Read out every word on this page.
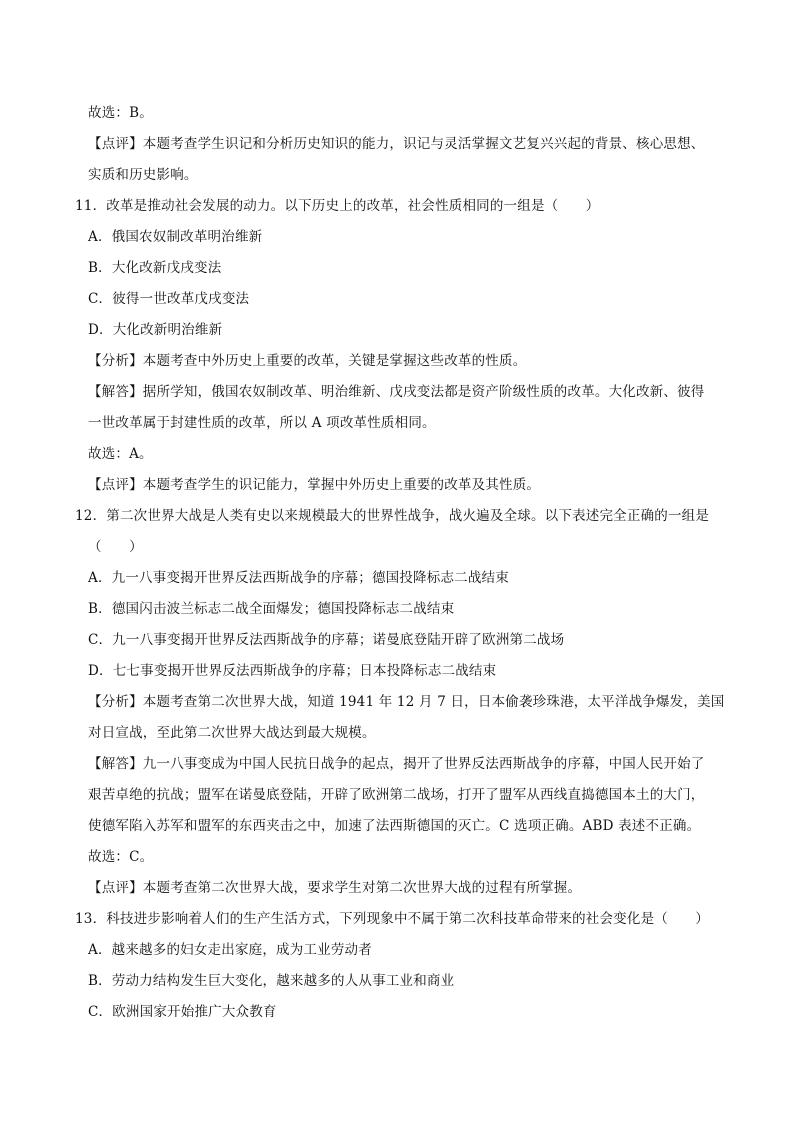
故选：B。
【点评】本题考查学生识记和分析历史知识的能力，识记与灵活掌握文艺复兴兴起的背景、核心思想、
实质和历史影响。
11．改革是推动社会发展的动力。以下历史上的改革，社会性质相同的一组是（　　）
A．俄国农奴制改革明治维新
B．大化改新戊戌变法
C．彼得一世改革戊戌变法
D．大化改新明治维新
【分析】本题考查中外历史上重要的改革，关键是掌握这些改革的性质。
【解答】据所学知，俄国农奴制改革、明治维新、戊戌变法都是资产阶级性质的改革。大化改新、彼得
一世改革属于封建性质的改革，所以 A 项改革性质相同。
故选：A。
【点评】本题考查学生的识记能力，掌握中外历史上重要的改革及其性质。
12．第二次世界大战是人类有史以来规模最大的世界性战争，战火遍及全球。以下表述完全正确的一组是
（　　）
A．九一八事变揭开世界反法西斯战争的序幕；德国投降标志二战结束
B．德国闪击波兰标志二战全面爆发；德国投降标志二战结束
C．九一八事变揭开世界反法西斯战争的序幕；诺曼底登陆开辟了欧洲第二战场
D．七七事变揭开世界反法西斯战争的序幕；日本投降标志二战结束
【分析】本题考查第二次世界大战，知道 1941 年 12 月 7 日，日本偷袭珍珠港，太平洋战争爆发，美国
对日宣战，至此第二次世界大战达到最大规模。
【解答】九一八事变成为中国人民抗日战争的起点，揭开了世界反法西斯战争的序幕，中国人民开始了
艰苦卓绝的抗战；盟军在诺曼底登陆，开辟了欧洲第二战场，打开了盟军从西线直捣德国本土的大门，
使德军陷入苏军和盟军的东西夹击之中，加速了法西斯德国的灭亡。C 选项正确。ABD 表述不正确。
故选：C。
【点评】本题考查第二次世界大战，要求学生对第二次世界大战的过程有所掌握。
13．科技进步影响着人们的生产生活方式，下列现象中不属于第二次科技革命带来的社会变化是（　　）
A．越来越多的妇女走出家庭，成为工业劳动者
B．劳动力结构发生巨大变化，越来越多的人从事工业和商业
C．欧洲国家开始推广大众教育
